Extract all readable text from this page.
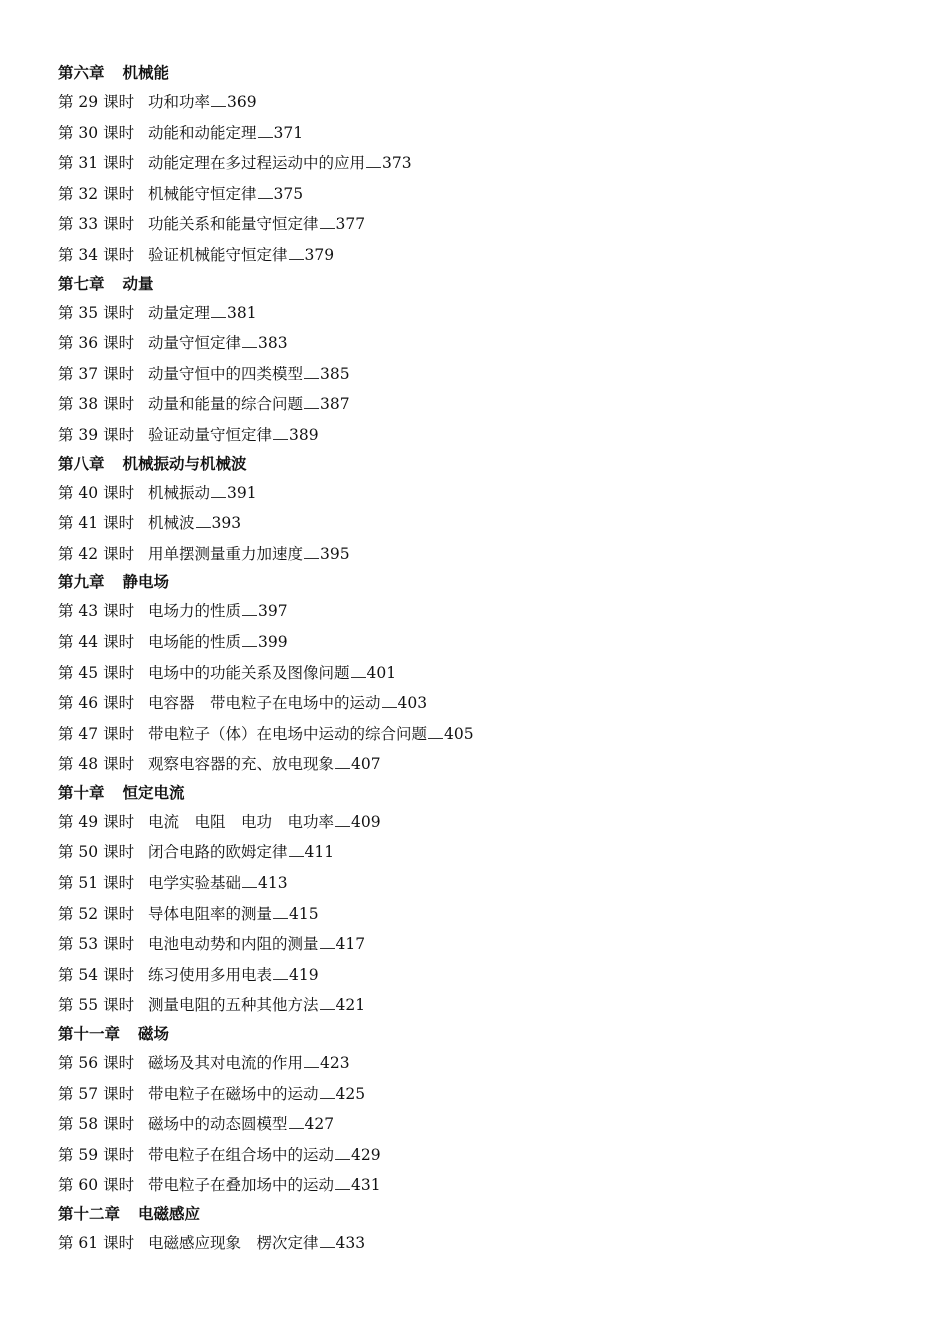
第六章 机械能
第 29 课时 功和功率 369
第 30 课时 动能和动能定理 371
第 31 课时 动能定理在多过程运动中的应用 373
第 32 课时 机械能守恒定律 375
第 33 课时 功能关系和能量守恒定律 377
第 34 课时 验证机械能守恒定律 379
第七章 动量
第 35 课时 动量定理 381
第 36 课时 动量守恒定律 383
第 37 课时 动量守恒中的四类模型 385
第 38 课时 动量和能量的综合问题 387
第 39 课时 验证动量守恒定律 389
第八章 机械振动与机械波
第 40 课时 机械振动 391
第 41 课时 机械波 393
第 42 课时 用单摆测量重力加速度 395
第九章 静电场
第 43 课时 电场力的性质 397
第 44 课时 电场能的性质 399
第 45 课时 电场中的功能关系及图像问题 401
第 46 课时 电容器　带电粒子在电场中的运动 403
第 47 课时 带电粒子（体）在电场中运动的综合问题 405
第 48 课时 观察电容器的充、放电现象 407
第十章 恒定电流
第 49 课时 电流　电阻　电功　电功率 409
第 50 课时 闭合电路的欧姆定律 411
第 51 课时 电学实验基础 413
第 52 课时 导体电阻率的测量 415
第 53 课时 电池电动势和内阻的测量 417
第 54 课时 练习使用多用电表 419
第 55 课时 测量电阻的五种其他方法 421
第十一章 磁场
第 56 课时 磁场及其对电流的作用 423
第 57 课时 带电粒子在磁场中的运动 425
第 58 课时 磁场中的动态圆模型 427
第 59 课时 带电粒子在组合场中的运动 429
第 60 课时 带电粒子在叠加场中的运动 431
第十二章 电磁感应
第 61 课时 电磁感应现象　楞次定律 433
